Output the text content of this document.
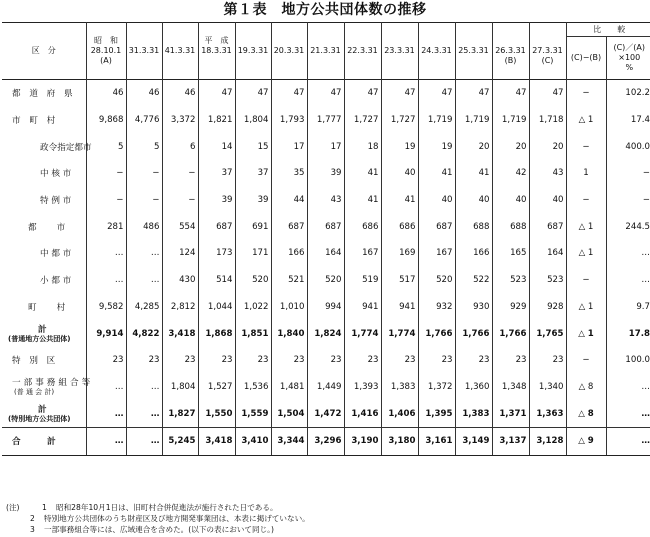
第１表　地方公共団体数の推移
区　分	昭　和
28.10.1
(A)	31.3.31	41.3.31	平　成
18.3.31	19.3.31	20.3.31	21.3.31	22.3.31	23.3.31	24.3.31	25.3.31	26.3.31
(B)	27.3.31
(C)	比　　較	
														(C)−(B)	(C)／(A)
×100
%

都 道 府 県	46	46	46	47	47	47	47	47	47	47	47	47	47	−	102.2

市 町 村	9,868	4,776	3,372	1,821	1,804	1,793	1,777	1,727	1,727	1,719	1,719	1,719	1,718	△ 1	17.4

政令指定都市	5	5	6	14	15	17	17	18	19	19	20	20	20	−	400.0

中 核 市	−	−	−	37	37	35	39	41	40	41	41	42	43	1	−

特 例 市	−	−	−	39	39	44	43	41	41	40	40	40	40	−	−

都 　 市	281	486	554	687	691	687	687	686	686	687	688	688	687	△ 1	244.5

中 都 市	…	…	124	173	171	166	164	167	169	167	166	165	164	△ 1	…

小 都 市	…	…	430	514	520	521	520	519	517	520	522	523	523	−	…

町 　 村	9,582	4,285	2,812	1,044	1,022	1,010	994	941	941	932	930	929	928	△ 1	9.7

計
(普通地方公共団体)	9,914	4,822	3,418	1,868	1,851	1,840	1,824	1,774	1,774	1,766	1,766	1,766	1,765	△ 1	17.8

特 別 区	23	23	23	23	23	23	23	23	23	23	23	23	23	−	100.0

一部事務組合等
(普 通 会 計)	…	…	1,804	1,527	1,536	1,481	1,449	1,393	1,383	1,372	1,360	1,348	1,340	△ 8	…

計
(特別地方公共団体)	…	…	1,827	1,550	1,559	1,504	1,472	1,416	1,406	1,395	1,383	1,371	1,363	△ 8	…

合 　 計	…	…	5,245	3,418	3,410	3,344	3,296	3,190	3,180	3,161	3,149	3,137	3,128	△ 9	…
(注)	1 昭和28年10月1日は、旧町村合併促進法が施行された日である。
2 特別地方公共団体のうち財産区及び地方開発事業団は、本表に掲げていない。
3 一部事務組合等には、広域連合を含めた。(以下の表において同じ。)
